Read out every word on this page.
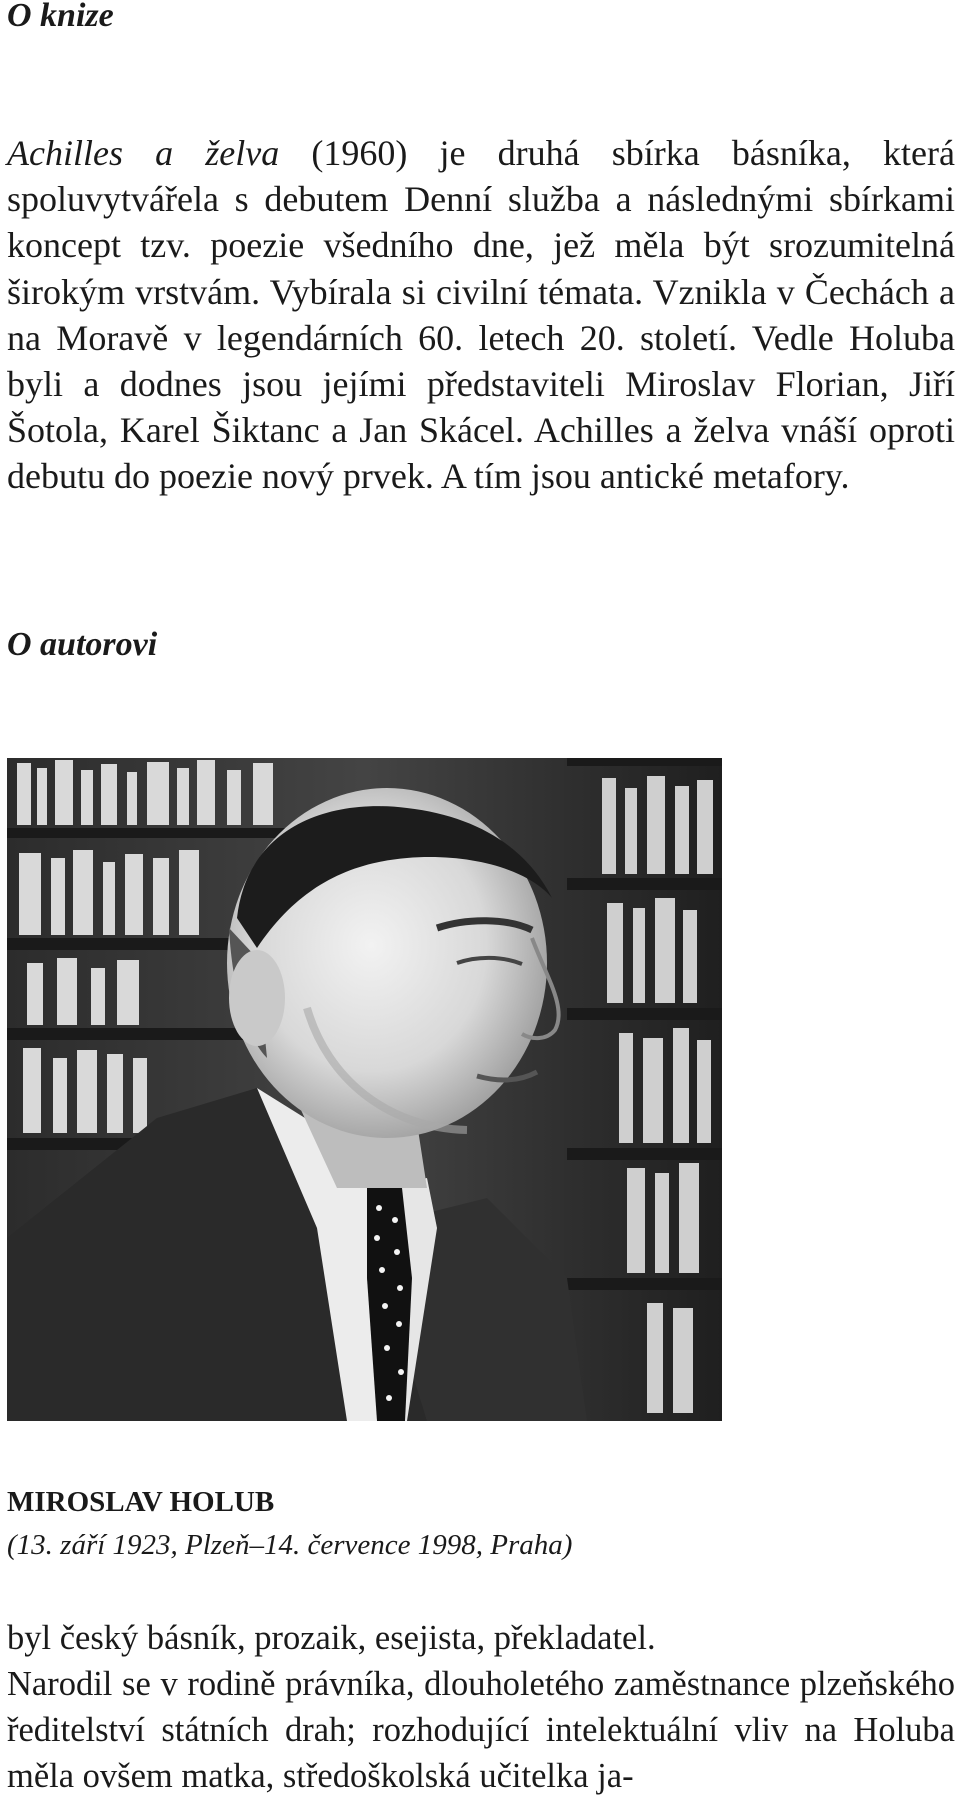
O knize

Achilles a želva (1960) je druhá sbírka básníka, která spoluvytvářela s debutem Denní služba a následnými sbírkami koncept tzv. poezie všedního dne, jež měla být srozumitelná širokým vrstvám. Vybírala si civilní témata. Vznikla v Čechách a na Moravě v legendárních 60. letech 20. století. Vedle Holuba byli a dodnes jsou jejími představiteli Miroslav Florian, Jiří Šotola, Karel Šiktanc a Jan Skácel. Achilles a želva vnáší oproti debutu do poezie nový prvek. A tím jsou antické metafory.

O autorovi

MIROSLAV HOLUB

(13. září 1923, Plzeň–14. července 1998, Praha)

byl český básník, prozaik, esejista, překladatel.
Narodil se v rodině právníka, dlouholetého zaměstnance plzeňského ředitelství státních drah; rozhodující intelektuální vliv na Holuba měla ovšem matka, středoškolská učitelka ja-
